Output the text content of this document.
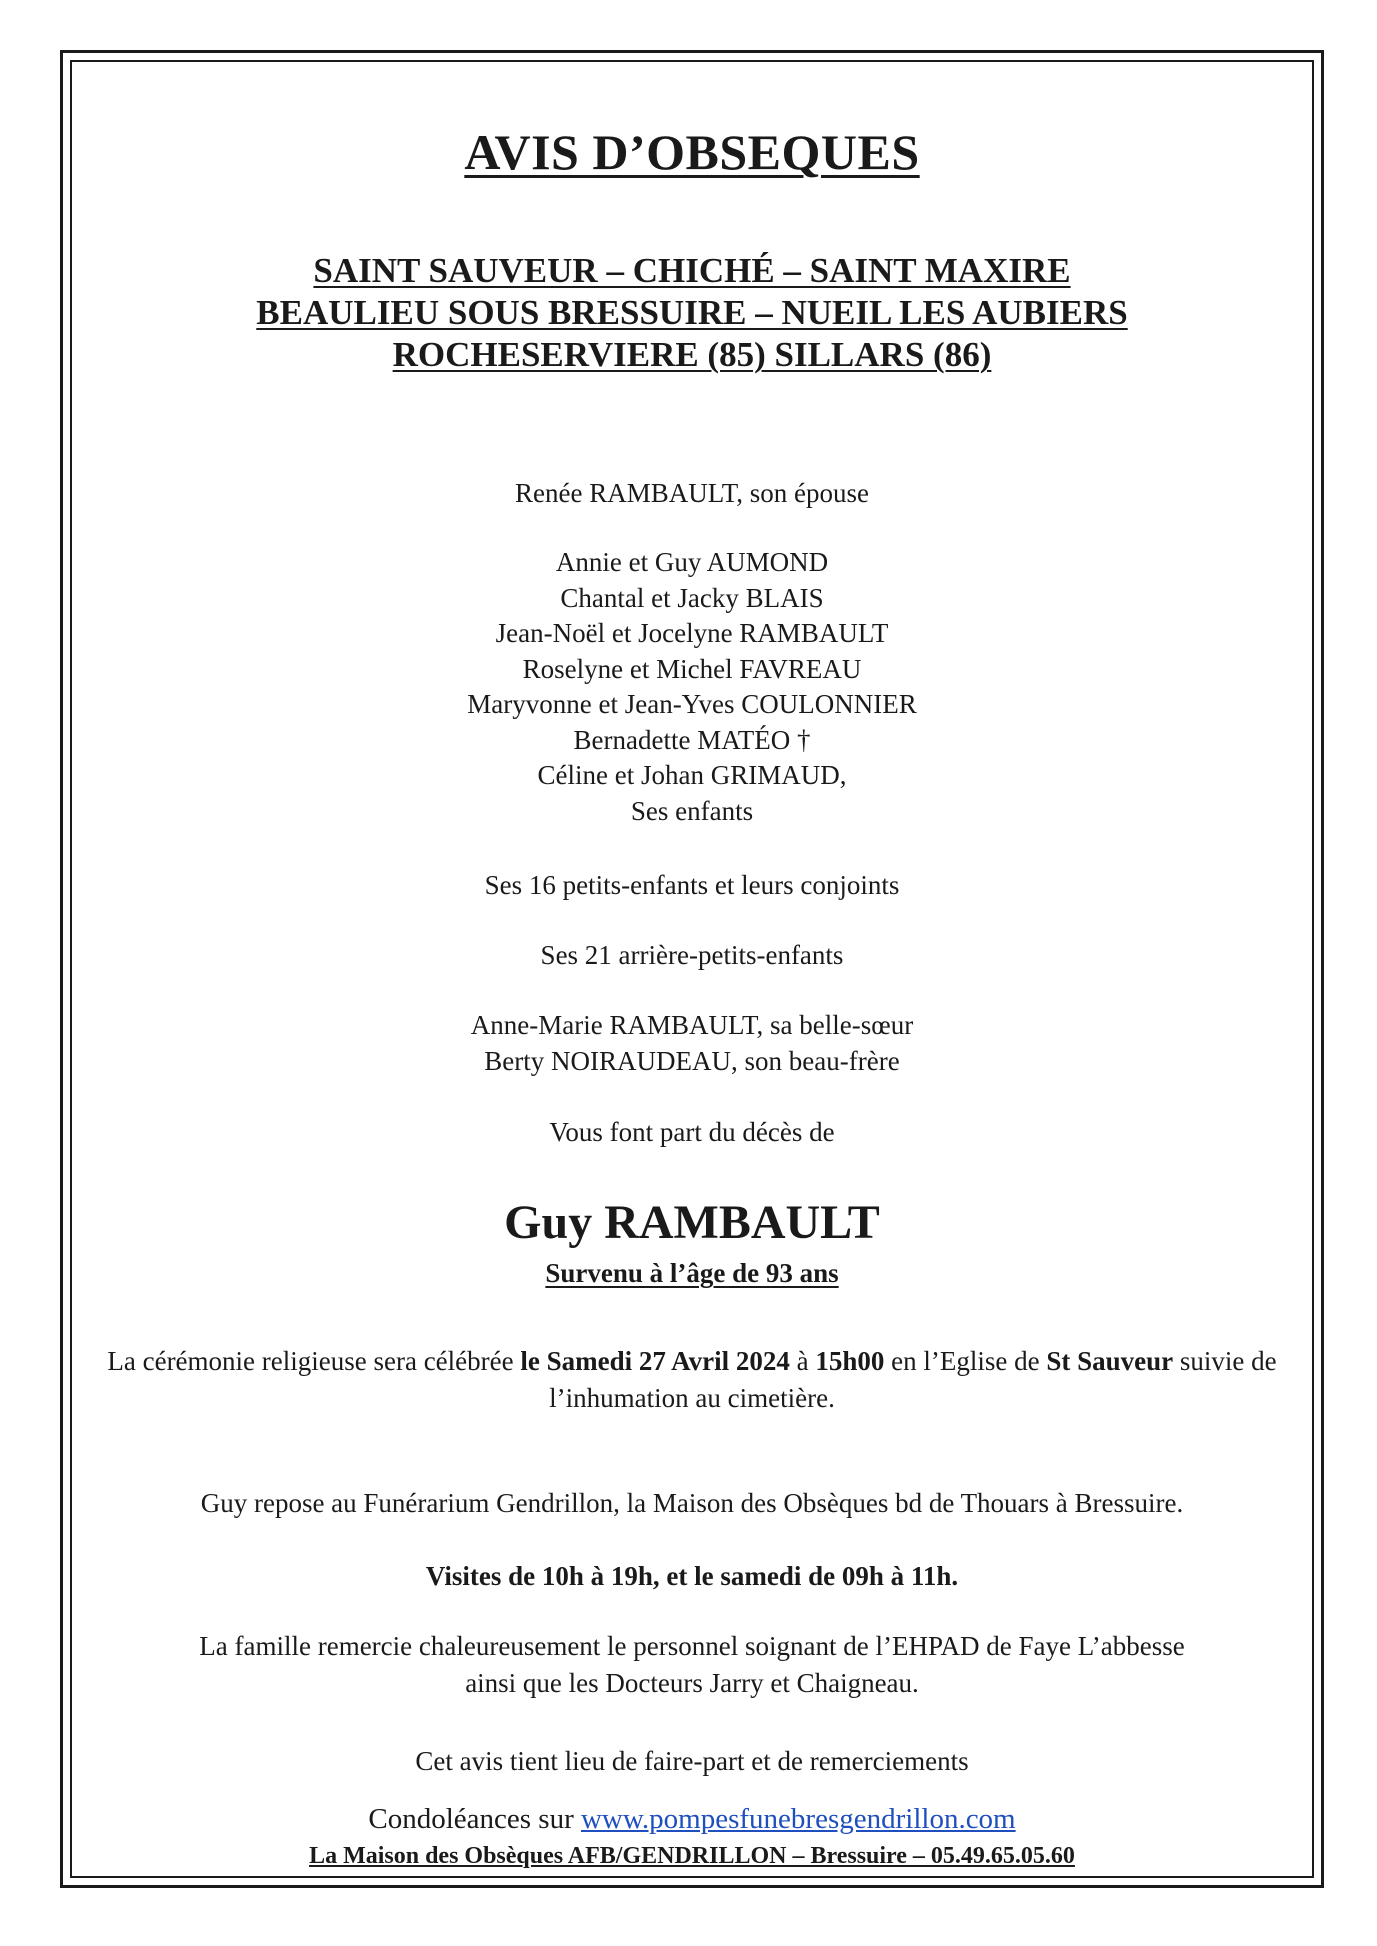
AVIS D’OBSEQUES
SAINT SAUVEUR – CHICHÉ – SAINT MAXIRE
BEAULIEU SOUS BRESSUIRE – NUEIL LES AUBIERS
ROCHESERVIERE (85) SILLARS (86)
Renée RAMBAULT, son épouse
Annie et Guy AUMOND
Chantal et Jacky BLAIS
Jean-Noël et Jocelyne RAMBAULT
Roselyne et Michel FAVREAU
Maryvonne et Jean-Yves COULONNIER
Bernadette MATÉO †
Céline et Johan GRIMAUD,
Ses enfants
Ses 16 petits-enfants et leurs conjoints
Ses 21 arrière-petits-enfants
Anne-Marie RAMBAULT, sa belle-sœur
Berty NOIRAUDEAU, son beau-frère
Vous font part du décès de
Guy RAMBAULT
Survenu à l’âge de 93 ans
La cérémonie religieuse sera célébrée le Samedi 27 Avril 2024 à 15h00 en l’Eglise de St Sauveur suivie de l’inhumation au cimetière.
Guy repose au Funérarium Gendrillon, la Maison des Obsèques bd de Thouars à Bressuire.
Visites de 10h à 19h, et le samedi de 09h à 11h.
La famille remercie chaleureusement le personnel soignant de l’EHPAD de Faye L’abbesse ainsi que les Docteurs Jarry et Chaigneau.
Cet avis tient lieu de faire-part et de remerciements
Condoléances sur www.pompesfunebresgendrillon.com
La Maison des Obsèques AFB/GENDRILLON – Bressuire – 05.49.65.05.60
